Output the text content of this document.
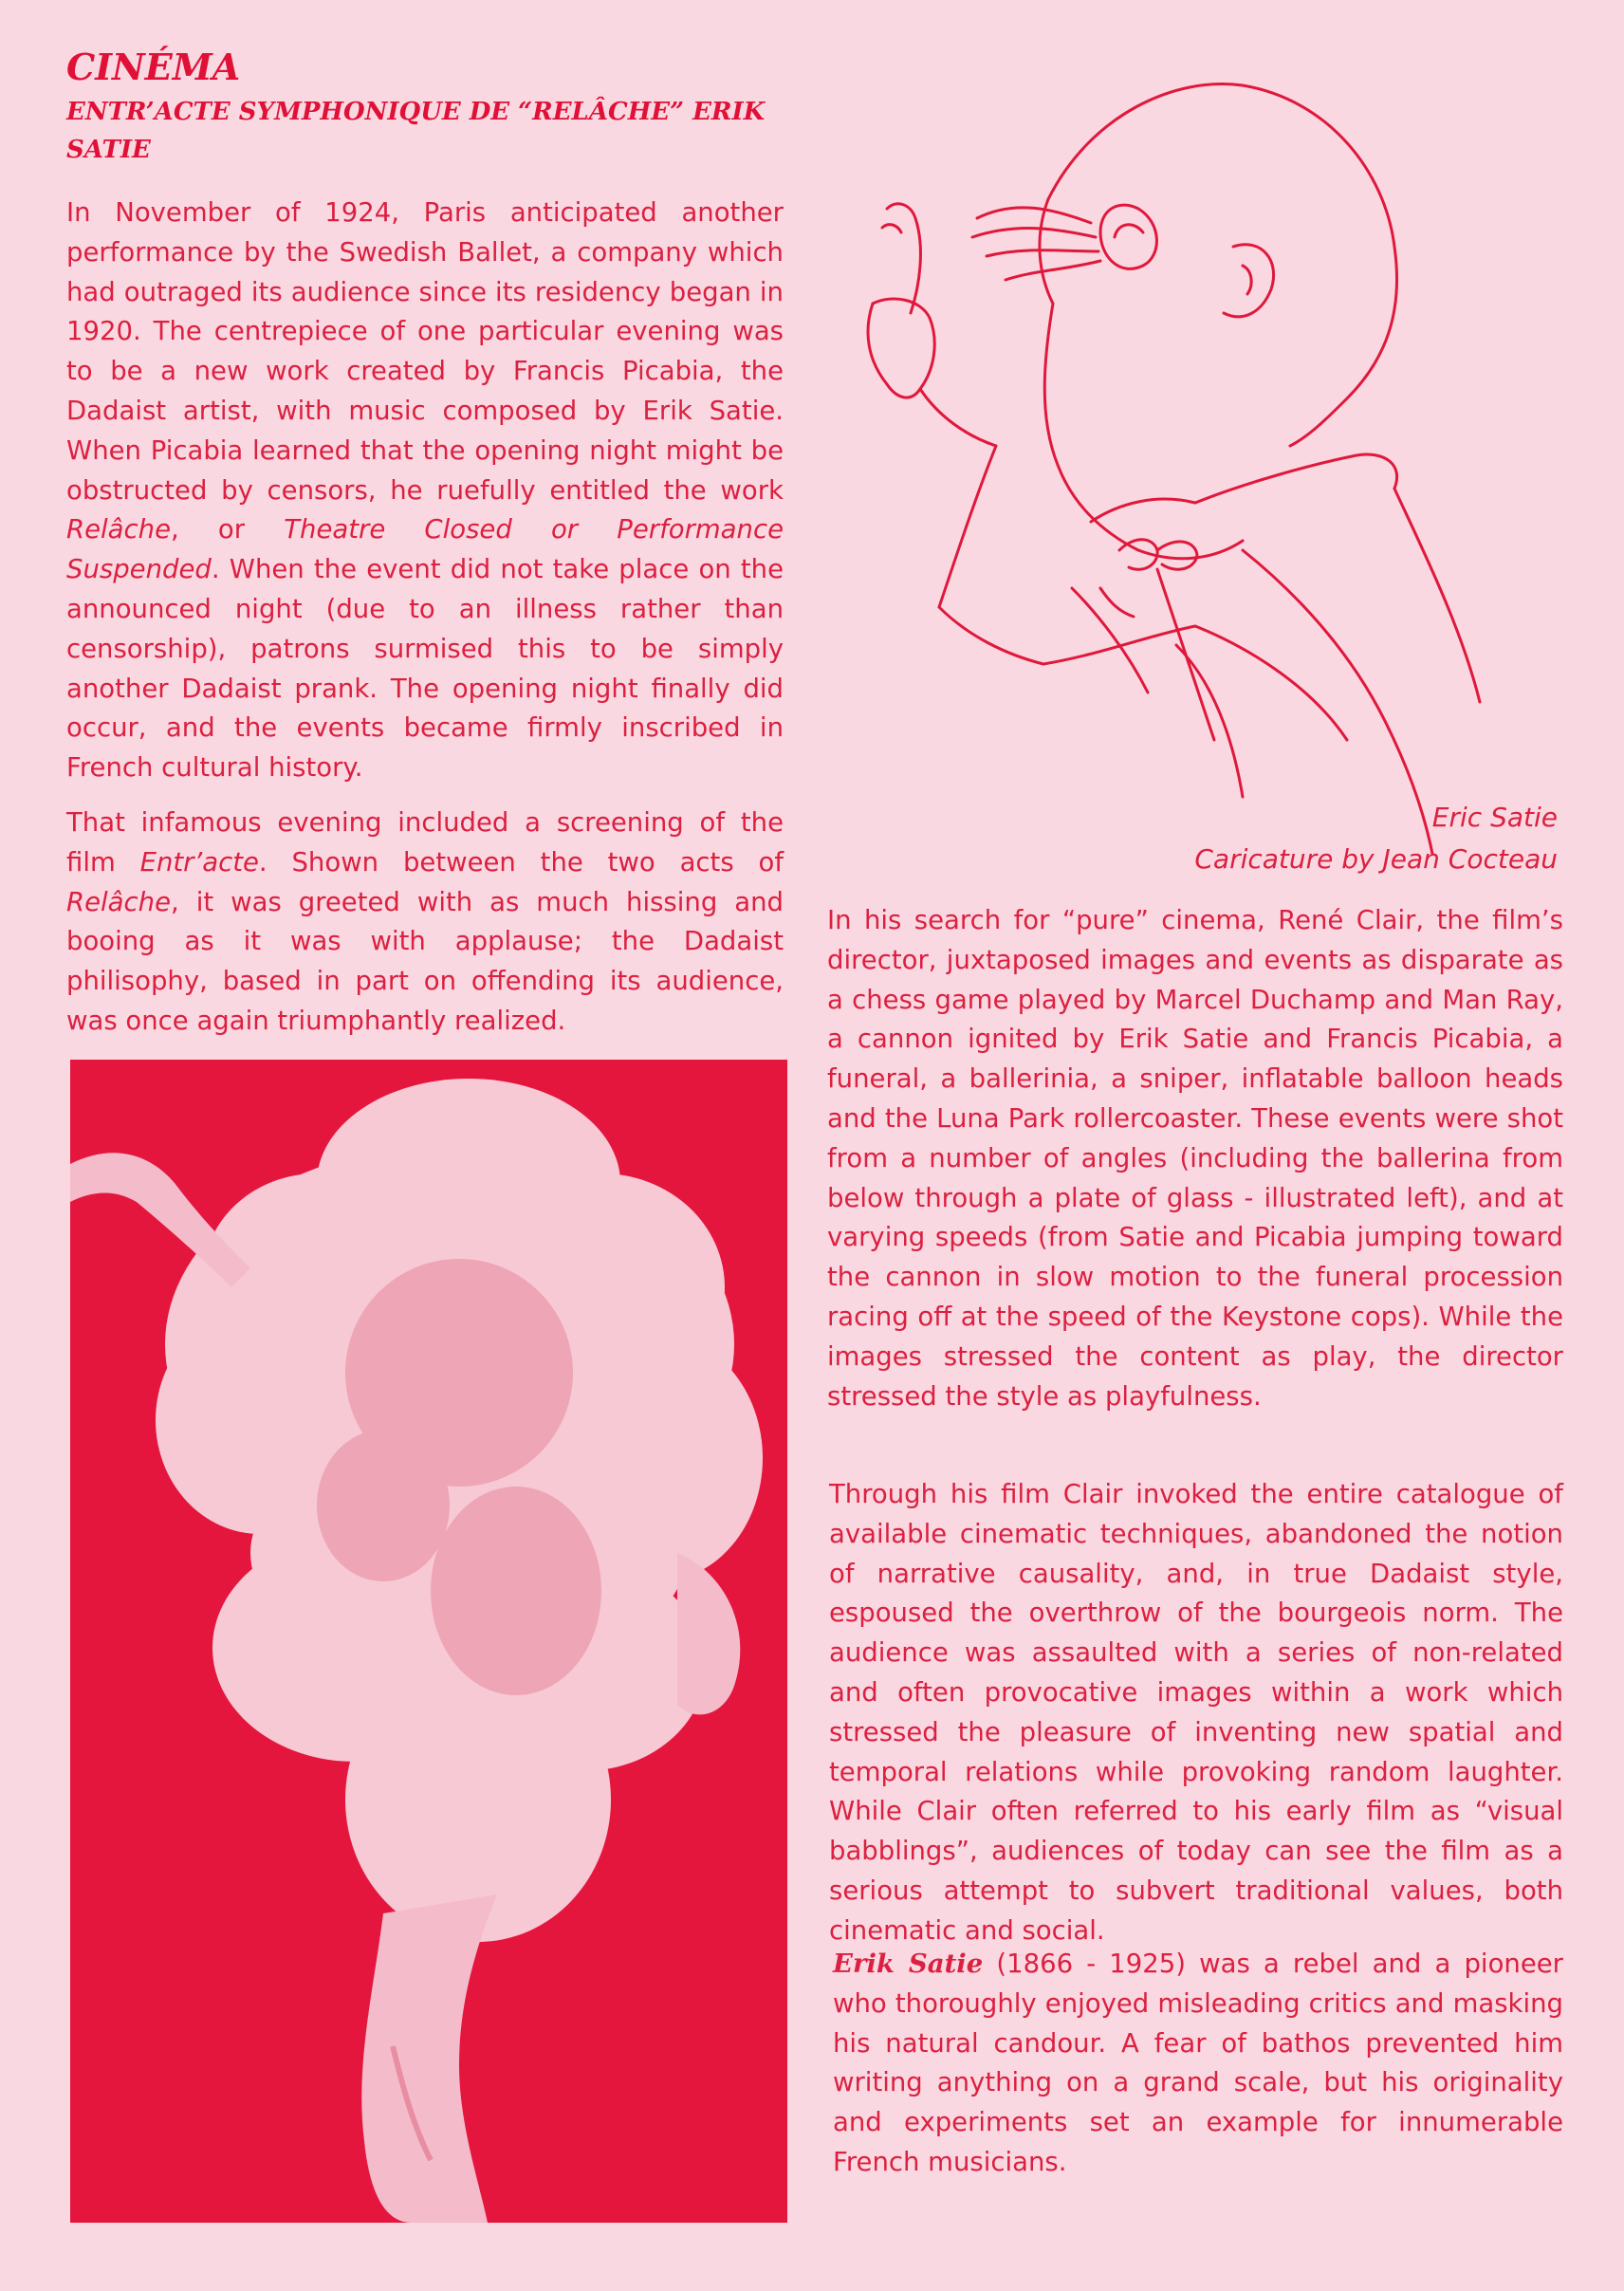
CINÉMA
ENTR’ACTE SYMPHONIQUE DE “RELÂCHE” ERIK SATIE

In November of 1924, Paris anticipated another performance by the Swedish Ballet, a company which had outraged its audience since its residency began in 1920. The centrepiece of one particular evening was to be a new work created by Francis Picabia, the Dadaist artist, with music composed by Erik Satie. When Picabia learned that the opening night might be obstructed by censors, he ruefully entitled the work Relâche, or Theatre Closed or Performance Suspended. When the event did not take place on the announced night (due to an illness rather than censorship), patrons surmised this to be simply another Dadaist prank. The opening night finally did occur, and the events became firmly inscribed in French cultural history.

That infamous evening included a screening of the film Entr’acte. Shown between the two acts of Relâche, it was greeted with as much hissing and booing as it was with applause; the Dadaist philisophy, based in part on offending its audience, was once again triumphantly realized.

Eric Satie
Caricature by Jean Cocteau

In his search for “pure” cinema, René Clair, the film’s director, juxtaposed images and events as disparate as a chess game played by Marcel Duchamp and Man Ray, a cannon ignited by Erik Satie and Francis Picabia, a funeral, a ballerinia, a sniper, inflatable balloon heads and the Luna Park rollercoaster. These events were shot from a number of angles (including the ballerina from below through a plate of glass - illustrated left), and at varying speeds (from Satie and Picabia jumping toward the cannon in slow motion to the funeral procession racing off at the speed of the Keystone cops). While the images stressed the content as play, the director stressed the style as playfulness.

Through his film Clair invoked the entire catalogue of available cinematic techniques, abandoned the notion of narrative causality, and, in true Dadaist style, espoused the overthrow of the bourgeois norm. The audience was assaulted with a series of non-related and often provocative images within a work which stressed the pleasure of inventing new spatial and temporal relations while provoking random laughter. While Clair often referred to his early film as “visual babblings”, audiences of today can see the film as a serious attempt to subvert traditional values, both cinematic and social.

Erik Satie (1866 - 1925) was a rebel and a pioneer who thoroughly enjoyed misleading critics and masking his natural candour. A fear of bathos prevented him writing anything on a grand scale, but his originality and experiments set an example for innumerable French musicians.
